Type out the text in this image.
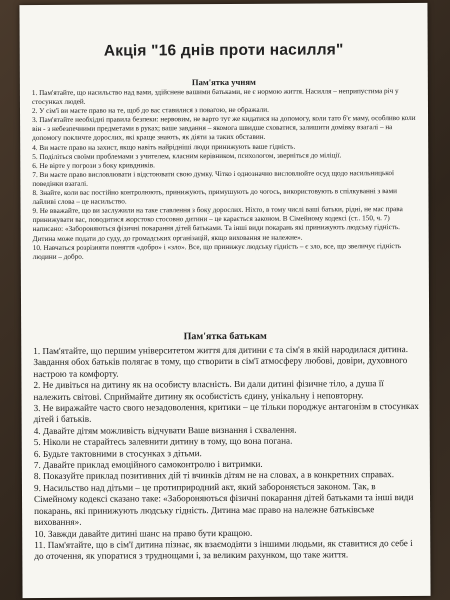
Акція "16 днів проти насилля"
Пам'ятка учням
1. Пам'ятайте, що насильство над вами, здійснене вашими батьками, не є нормою життя. Насилля – неприпустима річ у стосунках людей.
2. У сім'ї ви маєте право на те, щоб до вас ставилися з повагою, не ображали.
3. Пам'ятайте необхідні правила безпеки: нервовим, не варто тут же кидатися на допомогу, коли тато б'є маму, особливо коли він - з небезпечними предметами в руках; ваше завдання – якомога швидше сховатися, залишити домівку взагалі – на допомогу покличте дорослих, які краще знають, як діяти за таких обставин.
4. Ви маєте право на захист, якщо навіть найрідніші люди принижують ваше гідність.
5. Поділіться своїми проблемами з учителем, класним керівником, психологом, зверніться до міліції.
6. Не вірте у погрози з боку кривдників.
7. Ви маєте право висловлювати і відстоювати свою думку. Чітко і однозначно висловлюйте осуд щодо насильницької поведінки взагалі.
8. Знайте, коли вас постійно контролюють, принижують, примушують до чогось, використовують в спілкуванні з вами лайливі слова – це насильство.
9. Не вважайте, що ви заслужили на таке ставлення з боку дорослих. Ніхто, в тому числі ваші батьки, рідні, не мас права принижувати вас, поводитися жорстоко стосовно дитини – це карається законом. В Сімейному кодексі (ст.. 150, ч. 7) написано: «Забороняються фізичні покарання дітей батьками. Та інші види покарань які принижують людську гідність. Дитина може подати до суду, до громадських організацій, якщо виховання не належне».
10. Навчаться розрізняти поняття «добро» і «зло». Все, що принижує людську гідність – є зло, все, що звеличує гідність людини – добро.
Пам'ятка батькам
1. Пам'ятайте, що першим університетом життя для дитини є та сім'я в якій народилася дитина. Завдання обох батьків полягає в тому, що створити в сім'ї атмосферу любові, довіри, духовного настрою та комфорту.
2. Не дивіться на дитину як на особисту власність. Ви дали дитині фізичне тіло, а душа її належить світові. Сприймайте дитину як особистість єдину, унікальну і неповторну.
3. Не виражайте часто свого незадоволення, критики – це тільки породжує антагонізм в стосунках дітей і батьків.
4. Давайте дітям можливість відчувати Ваше визнання і схвалення.
5. Ніколи не старайтесь залевнити дитину в тому, що вона погана.
6. Будьте тактовними в стосунках з дітьми.
7. Давайте приклад емоційного самоконтролю і витримки.
8. Показуйте приклад позитивних дій ті вчинків дітям не на словах, а в конкретних справах.
9. Насильство над дітьми – це протиприродний акт, який забороняється законом. Так, в Сімейному кодексі сказано таке: «Забороняються фізичні покарання дітей батьками та інші види покарань, які принижують людську гідність. Дитина має право на належне батьківське виховання».
10. Завжди давайте дитині шанс на право бути кращою.
11. Пам'ятайте, що в сім'ї дитина пізнає, як взаємодіяти з іншими людьми, як ставитися до себе і до оточення, як упоратися з труднощами і, за великим рахунком, що таке життя.
